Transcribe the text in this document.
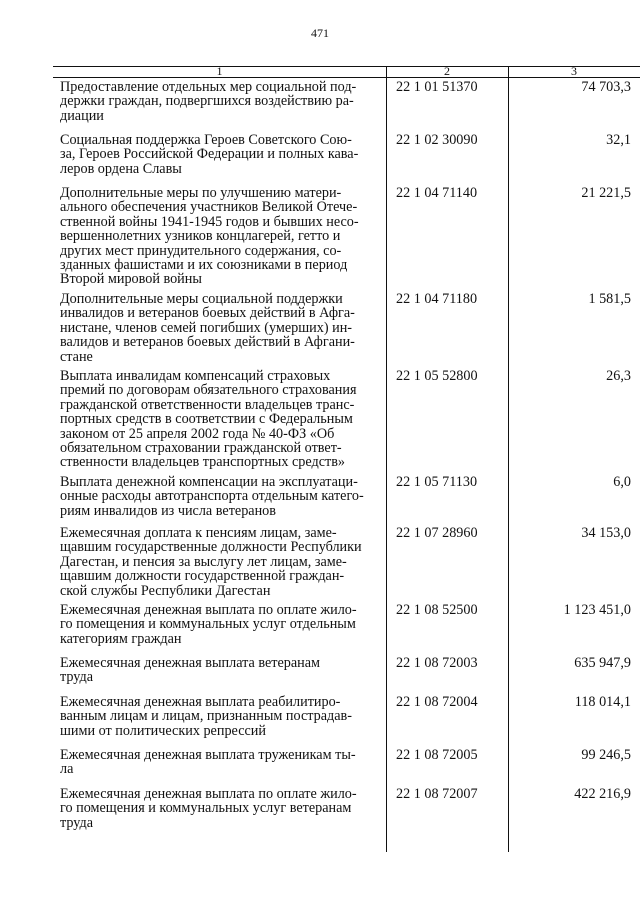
471
1	2	3
Предоставление отдельных мер социальной под-
держки граждан, подвергшихся воздействию ра-
диации
22 1 01 51370	74 703,3
Социальная поддержка Героев Советского Сою-
за, Героев Российской Федерации и полных кава-
леров ордена Славы
22 1 02 30090	32,1
Дополнительные меры по улучшению матери-
ального обеспечения участников Великой Отече-
ственной войны 1941-1945 годов и бывших несо-
вершеннолетних узников концлагерей, гетто и
других мест принудительного содержания, со-
зданных фашистами и их союзниками в период
Второй мировой войны
22 1 04 71140	21 221,5
Дополнительные меры социальной поддержки
инвалидов и ветеранов боевых действий в Афга-
нистане, членов семей погибших (умерших) ин-
валидов и ветеранов боевых действий в Афгани-
стане
22 1 04 71180	1 581,5
Выплата инвалидам компенсаций страховых
премий по договорам обязательного страхования
гражданской ответственности владельцев транс-
портных средств в соответствии с Федеральным
законом от 25 апреля 2002 года № 40-ФЗ «Об
обязательном страховании гражданской ответ-
ственности владельцев транспортных средств»
22 1 05 52800	26,3
Выплата денежной компенсации на эксплуатаци-
онные расходы автотранспорта отдельным катего-
риям инвалидов из числа ветеранов
22 1 05 71130	6,0
Ежемесячная доплата к пенсиям лицам, заме-
щавшим государственные должности Республики
Дагестан, и пенсия за выслугу лет лицам, заме-
щавшим должности государственной граждан-
ской службы Республики Дагестан
22 1 07 28960	34 153,0
Ежемесячная денежная выплата по оплате жило-
го помещения и коммунальных услуг отдельным
категориям граждан
22 1 08 52500	1 123 451,0
Ежемесячная денежная выплата ветеранам
труда
22 1 08 72003	635 947,9
Ежемесячная денежная выплата реабилитиро-
ванным лицам и лицам, признанным пострадав-
шими от политических репрессий
22 1 08 72004	118 014,1
Ежемесячная денежная выплата труженикам ты-
ла
22 1 08 72005	99 246,5
Ежемесячная денежная выплата по оплате жило-
го помещения и коммунальных услуг ветеранам
труда
22 1 08 72007	422 216,9
